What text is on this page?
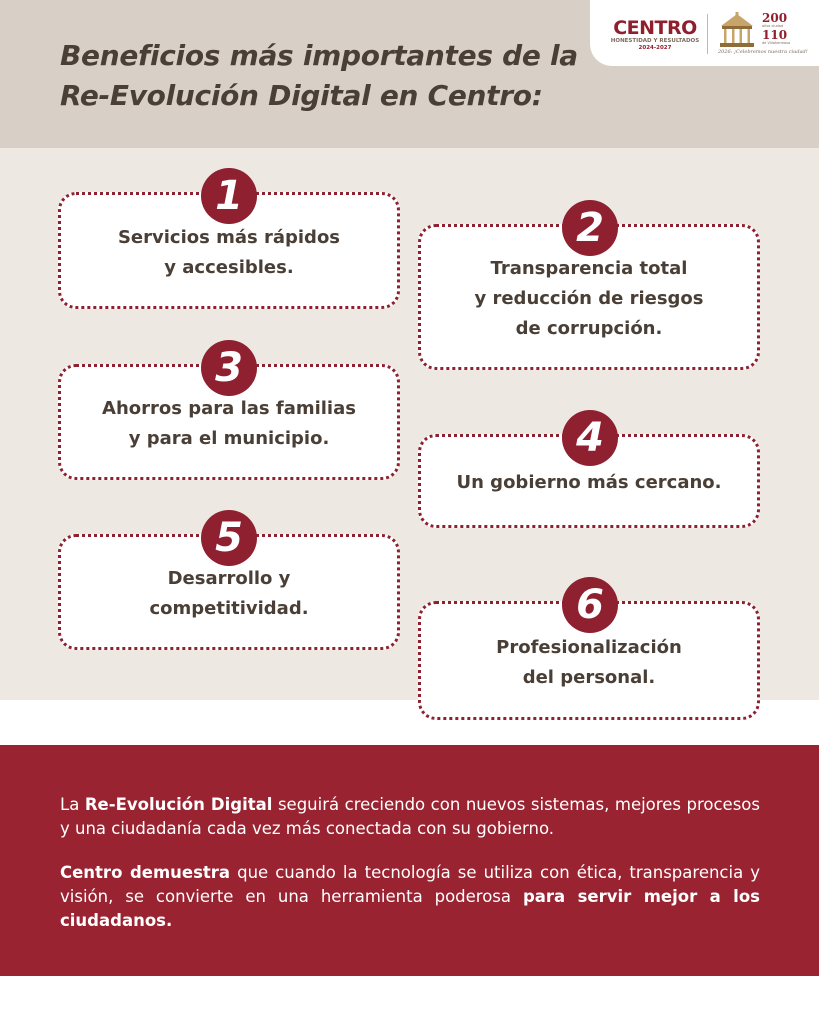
Beneficios más importantes de la
Re-Evolución Digital en Centro:
CENTRO
HONESTIDAD Y RESULTADOS
2024-2027
200
años ciudad
110
de Villahermosa
2026: ¡Celebremos nuestra ciudad!
Servicios más rápidos
y accesibles.
1
Transparencia total
y reducción de riesgos
de corrupción.
2
Ahorros para las familias
y para el municipio.
3
Un gobierno más cercano.
4
Desarrollo y
competitividad.
5
Profesionalización
del personal.
6

La Re-Evolución Digital seguirá creciendo con nuevos sistemas, mejores procesos y una ciudadanía cada vez más conectada con su gobierno.

Centro demuestra que cuando la tecnología se utiliza con ética, transparencia y visión, se convierte en una herramienta poderosa para servir mejor a los ciudadanos.
